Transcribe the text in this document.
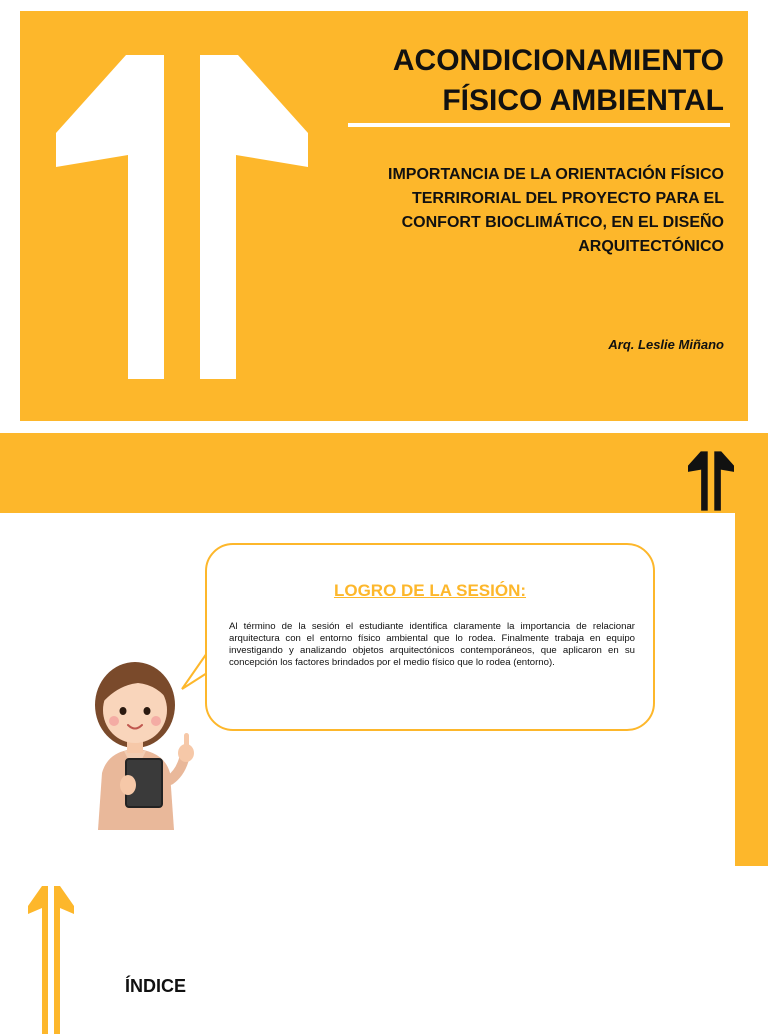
ACONDICIONAMIENTO
FÍSICO AMBIENTAL
IMPORTANCIA DE LA ORIENTACIÓN FÍSICO
TERRIRORIAL DEL PROYECTO PARA EL
CONFORT BIOCLIMÁTICO, EN EL DISEÑO
ARQUITECTÓNICO
Arq. Leslie Miñano
LOGRO DE LA SESIÓN:
Al término de la sesión el estudiante identifica claramente la importancia de relacionar arquitectura con el entorno físico ambiental que lo rodea. Finalmente trabaja en equipo investigando y analizando objetos arquitectónicos contemporáneos, que aplicaron en su concepción los factores brindados por el medio físico que lo rodea (entorno).
ÍNDICE
